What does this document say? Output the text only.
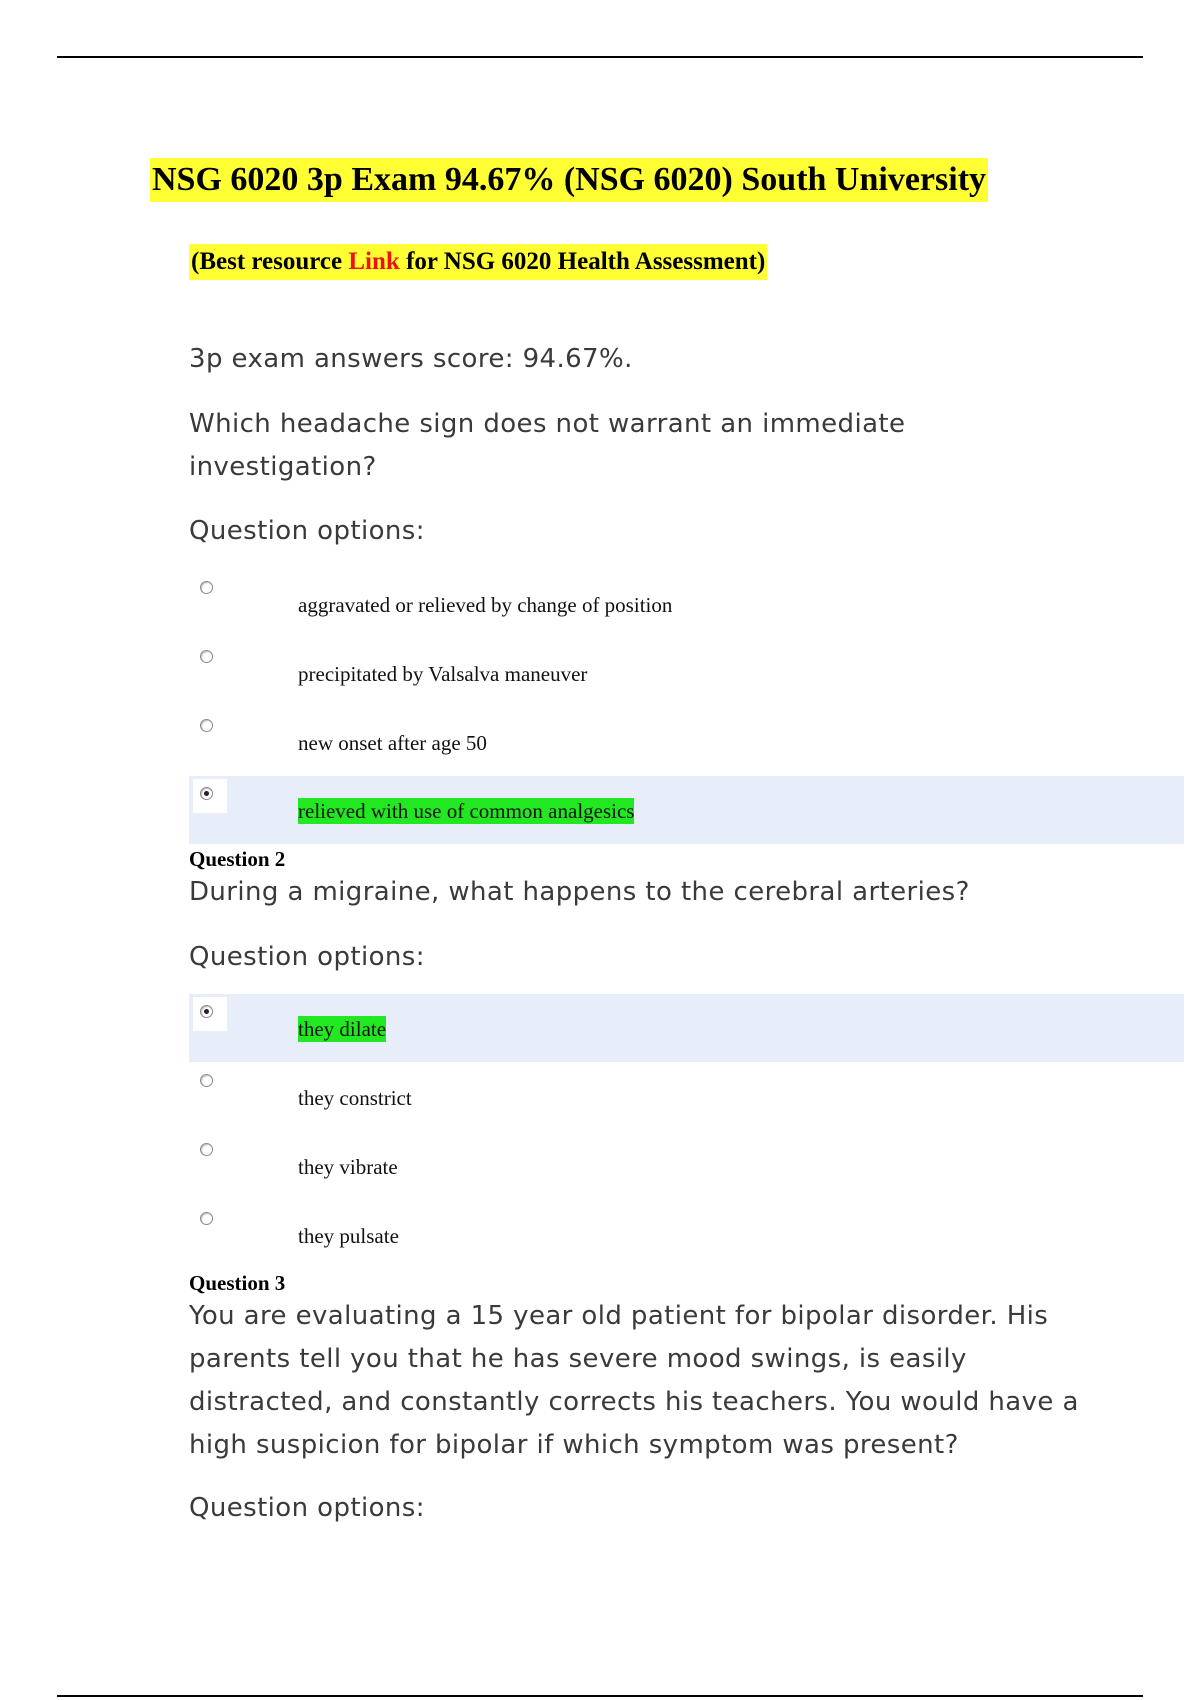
NSG 6020 3p Exam 94.67% (NSG 6020) South University

(Best resource Link for NSG 6020 Health Assessment)

3p exam answers score: 94.67%.

Which headache sign does not warrant an immediate investigation?

Question options:

aggravated or relieved by change of position
precipitated by Valsalva maneuver
new onset after age 50
relieved with use of common analgesics

Question 2

During a migraine, what happens to the cerebral arteries?

Question options:

they dilate
they constrict
they vibrate
they pulsate

Question 3

You are evaluating a 15 year old patient for bipolar disorder. His parents tell you that he has severe mood swings, is easily distracted, and constantly corrects his teachers. You would have a high suspicion for bipolar if which symptom was present?

Question options:
